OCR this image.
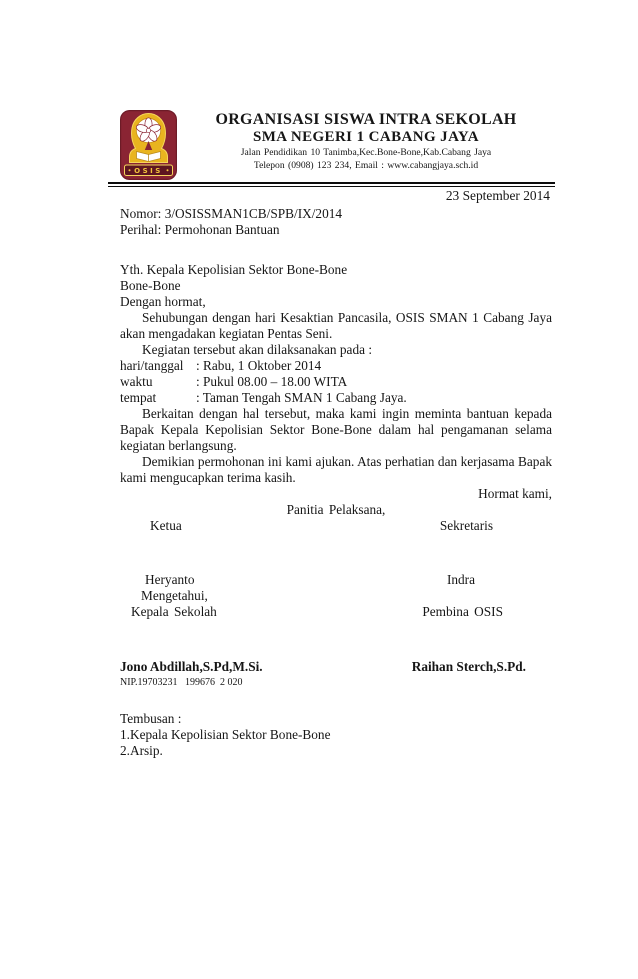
OSIS
ORGANISASI SISWA INTRA SEKOLAH
SMA NEGERI 1 CABANG JAYA
Jalan Pendidikan 10 Tanimba,Kec.Bone-Bone,Kab.Cabang Jaya
Telepon (0908) 123 234, Email : www.cabangjaya.sch.id
23 September 2014

Nomor: 3/OSISSMAN1CB/SPB/IX/2014

Perihal: Permohonan Bantuan

Yth. Kepala Kepolisian Sektor Bone-Bone

Bone-Bone

Dengan hormat,

Sehubungan dengan hari Kesaktian Pancasila, OSIS SMAN 1 Cabang Jaya akan mengadakan kegiatan Pentas Seni.

Kegiatan tersebut akan dilaksanakan pada :

hari/tanggal : Rabu, 1 Oktober 2014
waktu	: Pukul 08.00 – 18.00 WITA
tempat	: Taman Tengah SMAN 1 Cabang Jaya.

Berkaitan dengan hal tersebut, maka kami ingin meminta bantuan kepada Bapak Kepala Kepolisian Sektor Bone-Bone dalam hal pengamanan selama kegiatan berlangsung.

Demikian permohonan ini kami ajukan. Atas perhatian dan kerjasama Bapak kami mengucapkan terima kasih.

Hormat kami,

Panitia Pelaksana,

Ketua	Sekretaris
Heryanto	Indra

Mengetahui,

Kepala Sekolah	Pembina OSIS
Jono Abdillah,S.Pd,M.Si.	Raihan Sterch,S.Pd.

NIP.19703231   199676  2 020

Tembusan :

1.Kepala Kepolisian Sektor Bone-Bone

2.Arsip.
